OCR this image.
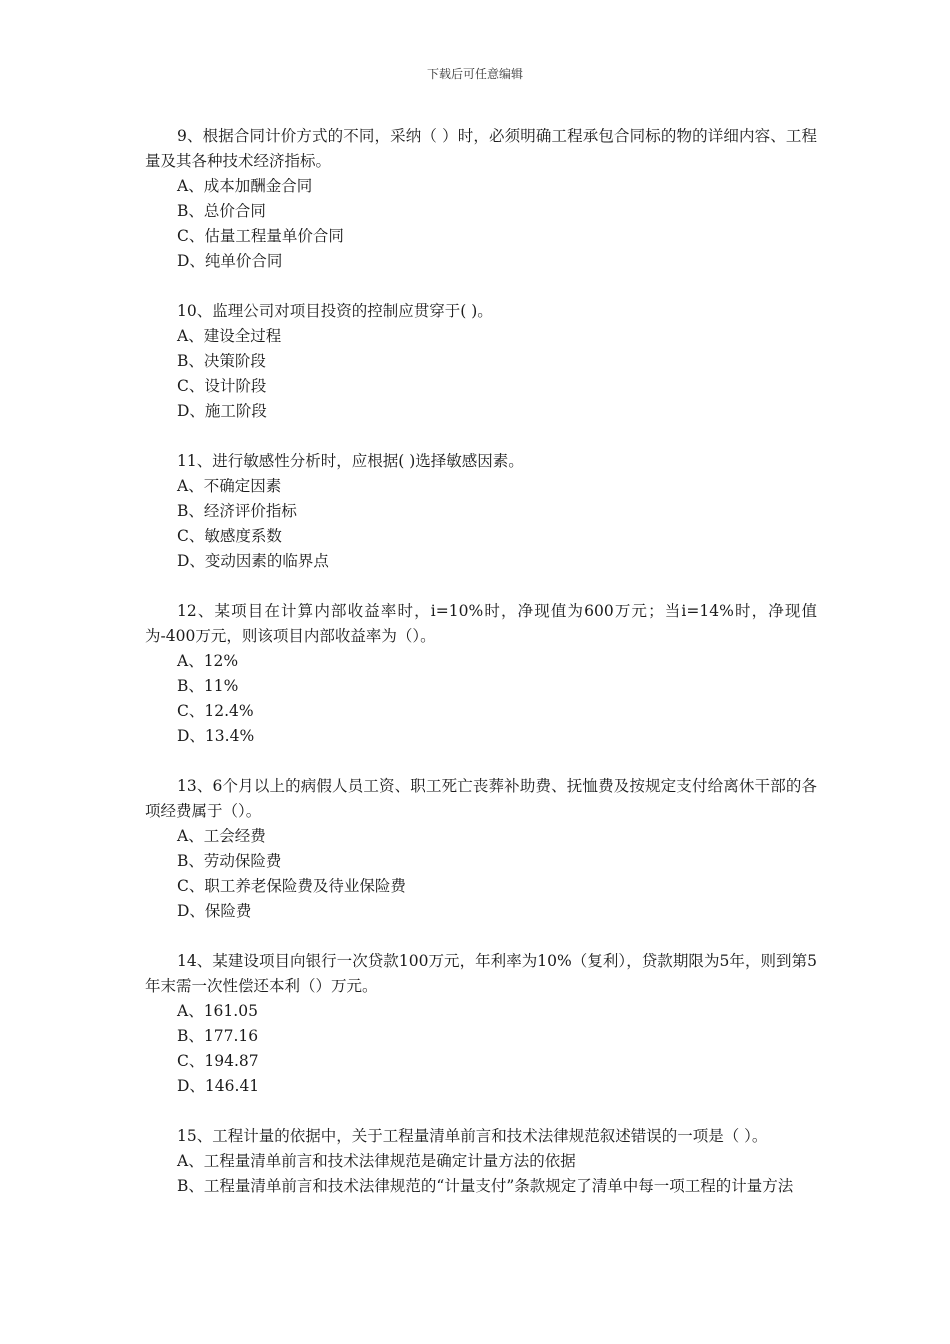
下载后可任意编辑

9、根据合同计价方式的不同，采纳（ ）时，必须明确工程承包合同标的物的详细内容、工程量及其各种技术经济指标。

A、成本加酬金合同

B、总价合同

C、估量工程量单价合同

D、纯单价合同

10、监理公司对项目投资的控制应贯穿于( )。

A、建设全过程

B、决策阶段

C、设计阶段

D、施工阶段

11、进行敏感性分析时，应根据( )选择敏感因素。

A、不确定因素

B、经济评价指标

C、敏感度系数

D、变动因素的临界点

12、某项目在计算内部收益率时，i=10%时，净现值为600万元；当i=14%时，净现值为-400万元，则该项目内部收益率为（）。

A、12%

B、11%

C、12.4%

D、13.4%

13、6个月以上的病假人员工资、职工死亡丧葬补助费、抚恤费及按规定支付给离休干部的各项经费属于（）。

A、工会经费

B、劳动保险费

C、职工养老保险费及待业保险费

D、保险费

14、某建设项目向银行一次贷款100万元，年利率为10%（复利），贷款期限为5年，则到第5年末需一次性偿还本利（）万元。

A、161.05

B、177.16

C、194.87

D、146.41

15、工程计量的依据中，关于工程量清单前言和技术法律规范叙述错误的一项是（ ）。

A、工程量清单前言和技术法律规范是确定计量方法的依据

B、工程量清单前言和技术法律规范的“计量支付”条款规定了清单中每一项工程的计量方法
